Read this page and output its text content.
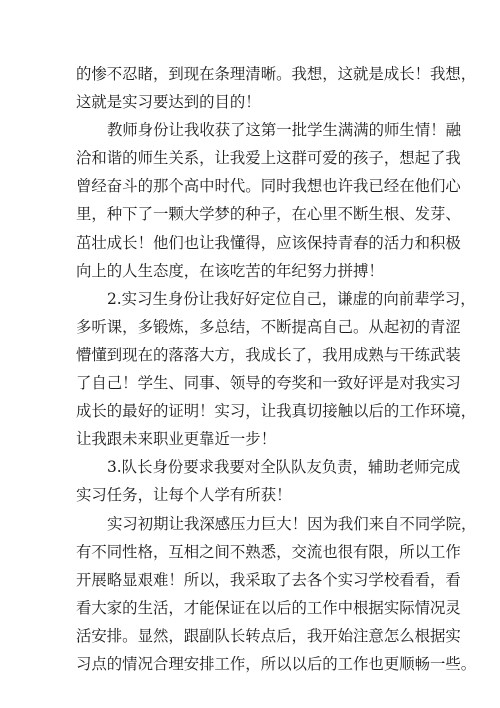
的惨不忍睹，到现在条理清晰。我想，这就是成长！我想，
这就是实习要达到的目的！
教师身份让我收获了这第一批学生满满的师生情！融
洽和谐的师生关系，让我爱上这群可爱的孩子，想起了我
曾经奋斗的那个高中时代。同时我想也许我已经在他们心
里，种下了一颗大学梦的种子，在心里不断生根、发芽、
茁壮成长！他们也让我懂得，应该保持青春的活力和积极
向上的人生态度，在该吃苦的年纪努力拼搏！
2.实习生身份让我好好定位自己，谦虚的向前辈学习，
多听课，多锻炼，多总结，不断提高自己。从起初的青涩
懵懂到现在的落落大方，我成长了，我用成熟与干练武装
了自己！学生、同事、领导的夸奖和一致好评是对我实习
成长的最好的证明！实习，让我真切接触以后的工作环境，
让我跟未来职业更靠近一步！
3.队长身份要求我要对全队队友负责，辅助老师完成
实习任务，让每个人学有所获！
实习初期让我深感压力巨大！因为我们来自不同学院，
有不同性格，互相之间不熟悉，交流也很有限，所以工作
开展略显艰难！所以，我采取了去各个实习学校看看，看
看大家的生活，才能保证在以后的工作中根据实际情况灵
活安排。显然，跟副队长转点后，我开始注意怎么根据实
习点的情况合理安排工作，所以以后的工作也更顺畅一些。
